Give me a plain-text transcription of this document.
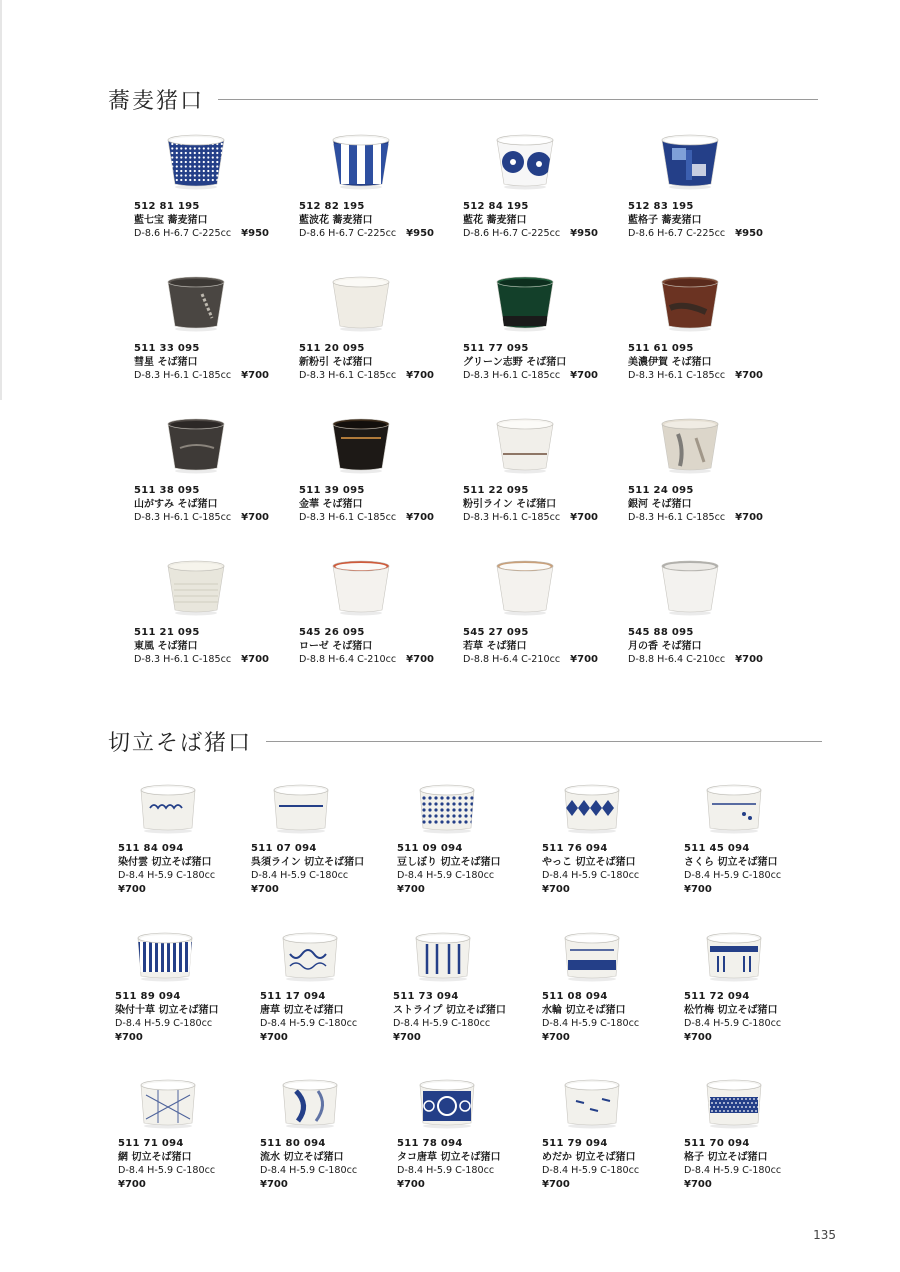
蕎麦猪口
切立そば猪口
512 81 195
藍七宝 蕎麦猪口
D-8.6 H-6.7 C-225cc ¥950
512 82 195
藍波花 蕎麦猪口
D-8.6 H-6.7 C-225cc ¥950
512 84 195
藍花 蕎麦猪口
D-8.6 H-6.7 C-225cc ¥950
512 83 195
藍格子 蕎麦猪口
D-8.6 H-6.7 C-225cc ¥950
511 33 095
彗星 そば猪口
D-8.3 H-6.1 C-185cc ¥700
511 20 095
新粉引 そば猪口
D-8.3 H-6.1 C-185cc ¥700
511 77 095
グリーン志野 そば猪口
D-8.3 H-6.1 C-185cc ¥700
511 61 095
美濃伊賀 そば猪口
D-8.3 H-6.1 C-185cc ¥700
511 38 095
山がすみ そば猪口
D-8.3 H-6.1 C-185cc ¥700
511 39 095
金華 そば猪口
D-8.3 H-6.1 C-185cc ¥700
511 22 095
粉引ライン そば猪口
D-8.3 H-6.1 C-185cc ¥700
511 24 095
銀河 そば猪口
D-8.3 H-6.1 C-185cc ¥700
511 21 095
東風 そば猪口
D-8.3 H-6.1 C-185cc ¥700
545 26 095
ローゼ そば猪口
D-8.8 H-6.4 C-210cc ¥700
545 27 095
若草 そば猪口
D-8.8 H-6.4 C-210cc ¥700
545 88 095
月の香 そば猪口
D-8.8 H-6.4 C-210cc ¥700
511 84 094
染付雲 切立そば猪口
D-8.4 H-5.9 C-180cc
¥700
511 07 094
呉須ライン 切立そば猪口
D-8.4 H-5.9 C-180cc
¥700
511 09 094
豆しぼり 切立そば猪口
D-8.4 H-5.9 C-180cc
¥700
511 76 094
やっこ 切立そば猪口
D-8.4 H-5.9 C-180cc
¥700
511 45 094
さくら 切立そば猪口
D-8.4 H-5.9 C-180cc
¥700
511 89 094
染付十草 切立そば猪口
D-8.4 H-5.9 C-180cc
¥700
511 17 094
唐草 切立そば猪口
D-8.4 H-5.9 C-180cc
¥700
511 73 094
ストライプ 切立そば猪口
D-8.4 H-5.9 C-180cc
¥700
511 08 094
水輪 切立そば猪口
D-8.4 H-5.9 C-180cc
¥700
511 72 094
松竹梅 切立そば猪口
D-8.4 H-5.9 C-180cc
¥700
511 71 094
網 切立そば猪口
D-8.4 H-5.9 C-180cc
¥700
511 80 094
流水 切立そば猪口
D-8.4 H-5.9 C-180cc
¥700
511 78 094
タコ唐草 切立そば猪口
D-8.4 H-5.9 C-180cc
¥700
511 79 094
めだか 切立そば猪口
D-8.4 H-5.9 C-180cc
¥700
511 70 094
格子 切立そば猪口
D-8.4 H-5.9 C-180cc
¥700
135
